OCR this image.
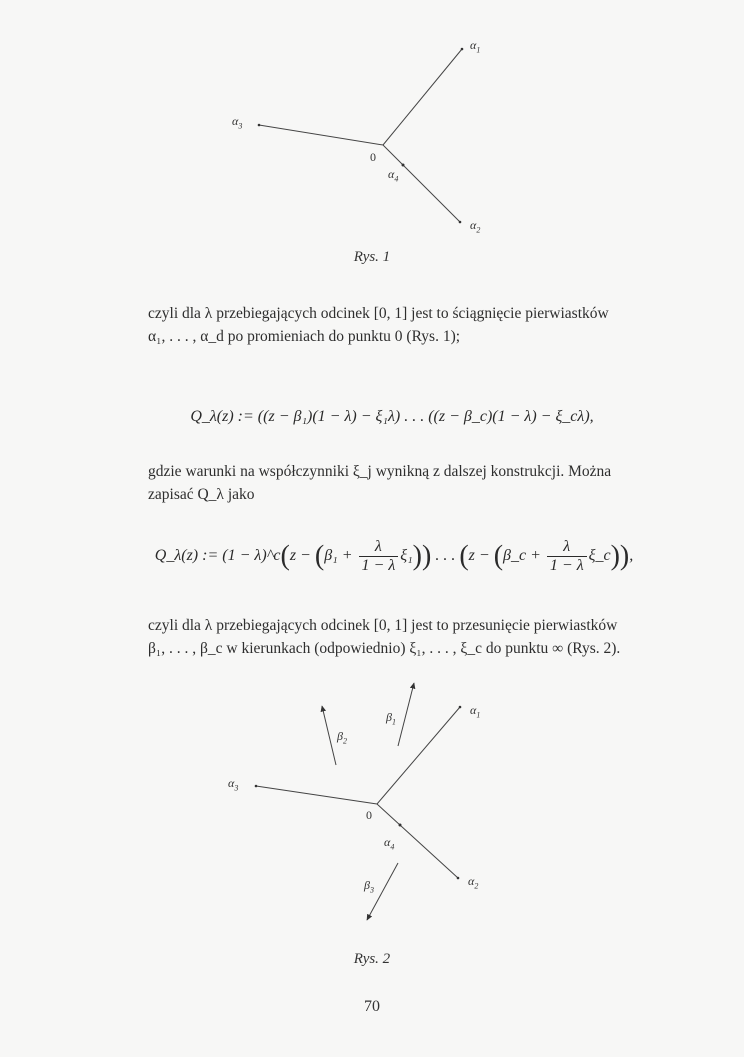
$\alpha_1$
$\alpha_3$
0
$\alpha_4$
$\alpha_2$
Rys. 1
czyli dla λ przebiegających odcinek [0, 1] jest to ściągnięcie pierwiastków
α₁, . . . , α_d po promieniach do punktu 0 (Rys. 1);
Q_λ(z) := ((z − β₁)(1 − λ) − ξ₁λ) . . . ((z − β_c)(1 − λ) − ξ_cλ),
gdzie warunki na współczynniki ξ_j wynikną z dalszej konstrukcji. Można
zapisać Q_λ jako
Q_λ(z) := (1 − λ)^c(z − $(\beta_1 + \frac{\lambda}{1 - \lambda} \xi_1)$) . . . (z − (β_c + $\frac{\lambda}{1 - \lambda}$ ξ_c)),
czyli dla λ przebiegających odcinek [0, 1] jest to przesunięcie pierwiastków
β₁, . . . , β_c w kierunkach (odpowiednio) ξ₁, . . . , ξ_c do punktu ∞ (Rys. 2).
$\alpha_1$
$\alpha_3$
0
$\alpha_4$
$\alpha_2$
$\beta_1$
$\beta_2$
$\beta_3$
Rys. 2
70
